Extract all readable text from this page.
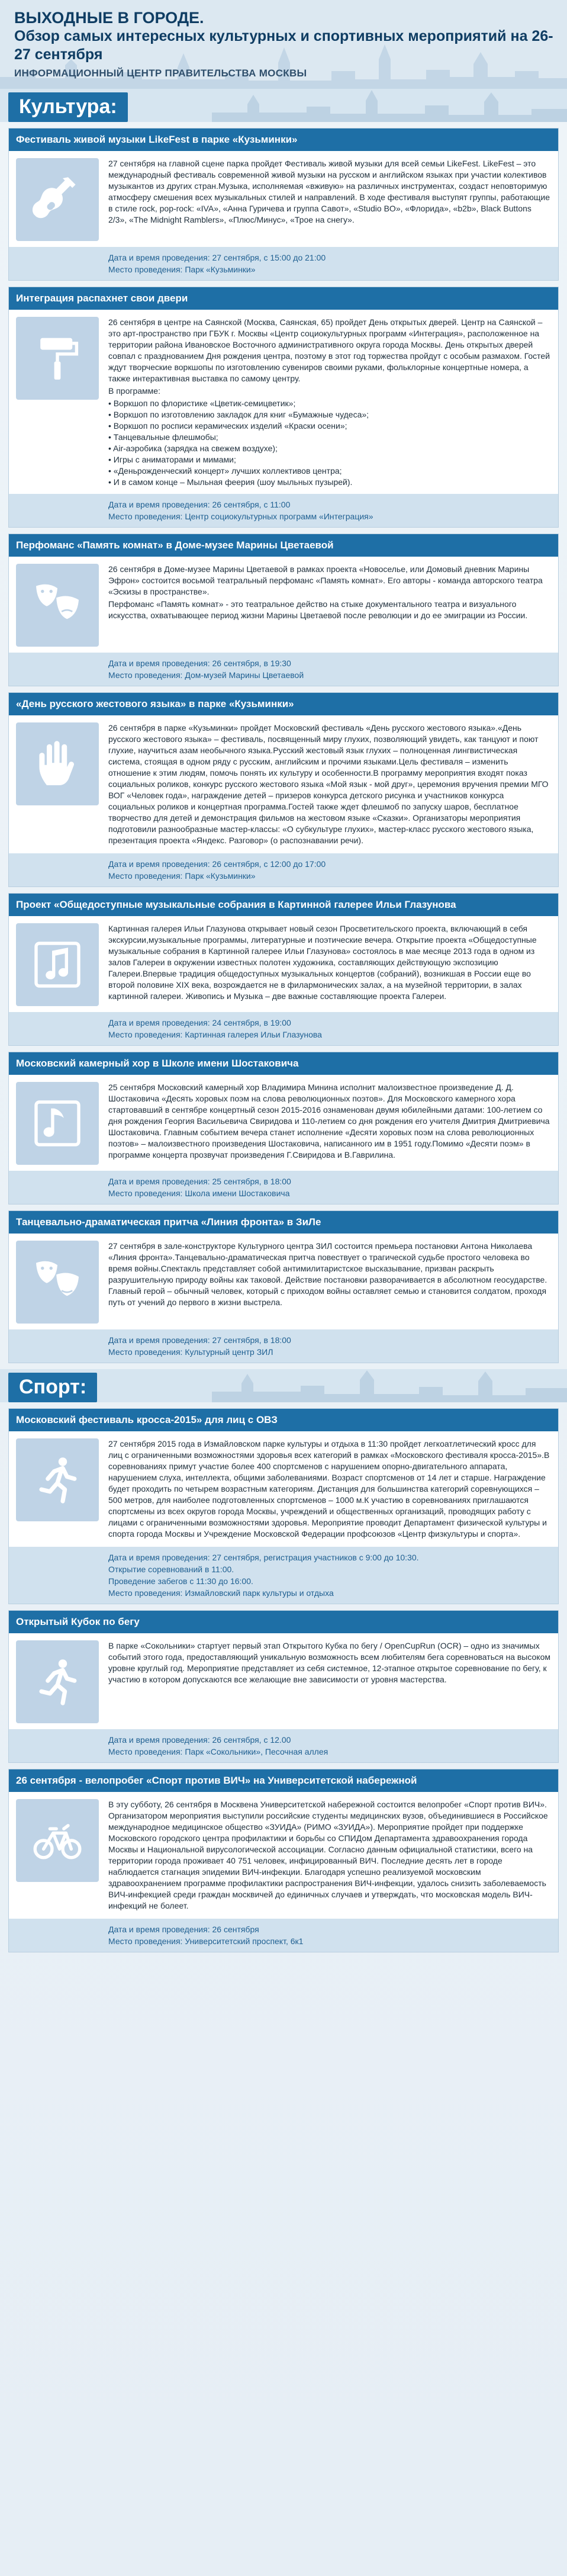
ВЫХОДНЫЕ В ГОРОДЕ.
Обзор самых интересных культурных и спортивных мероприятий на 26-27 сентября
ИНФОРМАЦИОННЫЙ ЦЕНТР ПРАВИТЕЛЬСТВА МОСКВЫ
Культура:
Фестиваль живой музыки LikeFest в парке «Кузьминки»

27 сентября на главной сцене парка пройдет Фестиваль живой музыки для всей семьи LikeFest. LikeFest – это международный фестиваль современной живой музыки на русском и английском языках при участии колективов музыкантов из других стран.Музыка, исполняемая «вживую» на различных инструментах, создаст неповторимую атмосферу смешения всех музыкальных стилей и направлений. В ходе фестиваля выступят группы, работающие в стиле rock, pop-rock: «IVA», «Анна Гуричева и группа Савот», «Studio BO», «Флорида», «b2b», Black Buttons 2/3», «The Midnight Ramblers», «Плюс/Минус», «Трое на снегу».

Дата и время проведения: 27 сентября, с 15:00 до 21:00
Место проведения: Парк «Кузьминки»
Интеграция распахнет свои двери

26 сентября в центре на Саянской (Москва, Саянская, 65) пройдет День открытых дверей. Центр на Саянской – это арт-пространство при ГБУК г. Москвы «Центр социокультурных программ «Интеграция», расположенное на территории района Ивановское Восточного административного округа города Москвы. День открытых дверей совпал с празднованием Дня рождения центра, поэтому в этот год торжества пройдут с особым размахом. Гостей ждут творческие воркшопы по изготовлению сувениров своими руками, фольклорные концертные номера, а также интерактивная выставка по самому центру.

В программе:

• Воркшоп по флористике «Цветик-семицветик»;
• Воркшоп по изготовлению закладок для книг «Бумажные чудеса»;
• Воркшоп по росписи керамических изделий «Краски осени»;
• Танцевальные флешмобы;
• Air-аэробика (зарядка на свежем воздухе);
• Игры с аниматорами и мимами;
• «Деньрожденческий концерт» лучших коллективов центра;
• И в самом конце – Мыльная феерия (шоу мыльных пузырей).
Дата и время проведения: 26 сентября, с 11:00
Место проведения: Центр социокультурных программ «Интеграция»
Перфоманс «Память комнат» в Доме-музее Марины Цветаевой

26 сентября в Доме-музее Марины Цветаевой в рамках проекта «Новоселье, или Домовый дневник Марины Эфрон» состоится восьмой театральный перфоманс «Память комнат». Его авторы - команда авторского театра «Эскизы в пространстве».

Перфоманс «Память комнат» - это театральное действо на стыке документального театра и визуального искусства, охватывающее период жизни Марины Цветаевой после революции и до ее эмиграции из России.

Дата и время проведения: 26 сентября, в 19:30
Место проведения: Дом-музей Марины Цветаевой
«День русского жестового языка» в парке «Кузьминки»

26 сентября в парке «Кузьминки» пройдет Московский фестиваль «День русского жестового языка».«День русского жестового языка» – фестиваль, посвященный миру глухих, позволяющий увидеть, как танцуют и поют глухие, научиться азам необычного языка.Русский жестовый язык глухих – полноценная лингвистическая система, стоящая в одном ряду с русским, английским и прочими языками.Цель фестиваля – изменить отношение к этим людям, помочь понять их культуру и особенности.В программу мероприятия входят показ социальных роликов, конкурс русского жестового языка «Мой язык - мой друг», церемония вручения премии МГО ВОГ «Человек года», награждение детей – призеров конкурса детского рисунка и участников конкурса социальных роликов и концертная программа.Гостей также ждет флешмоб по запуску шаров, бесплатное творчество для детей и демонстрация фильмов на жестовом языке «Сказки». Организаторы мероприятия подготовили разнообразные мастер-классы: «О субкультуре глухих», мастер-класс русского жестового языка, презентация проекта «Яндекс. Разговор» (о распознавании речи).

Дата и время проведения: 26 сентября, с 12:00 до 17:00
Место проведения: Парк «Кузьминки»
Проект «Общедоступные музыкальные собрания в Картинной галерее Ильи Глазунова

Картинная галерея Ильи Глазунова открывает новый сезон Просветительского проекта, включающий в себя экскурсии,музыкальные программы, литературные и поэтические вечера. Открытие проекта «Общедоступные музыкальные собрания в Картинной галерее Ильи Глазунова» состоялось в мае месяце 2013 года в одном из залов Галереи в окружении известных полотен художника, составляющих действующую экспозицию Галереи.Впервые традиция общедоступных музыкальных концертов (собраний), возникшая в России еще во второй половине XIX века, возрождается не в филармонических залах, а на музейной территории, в залах картинной галереи. Живопись и Музыка – две важные составляющие проекта Галереи.

Дата и время проведения: 24 сентября, в 19:00
Место проведения: Картинная галерея Ильи Глазунова
Московский камерный хор в Школе имени Шостаковича

25 сентября Московский камерный хор Владимира Минина исполнит малоизвестное произведение Д. Д. Шостаковича «Десять хоровых поэм на слова революционных поэтов». Для Московского камерного хора стартовавший в сентябре концертный сезон 2015-2016 ознаменован двумя юбилейными датами: 100-летием со дня рождения Георгия Васильевича Свиридова и 110-летием со дня рождения его учителя Дмитрия Дмитриевича Шостаковича. Главным событием вечера станет исполнение «Десяти хоровых поэм на слова революционных поэтов» – малоизвестного произведения Шостаковича, написанного им в 1951 году.Помимо «Десяти поэм» в программе концерта прозвучат произведения Г.Свиридова и В.Гаврилина.

Дата и время проведения: 25 сентября, в 18:00
Место проведения: Школа имени Шостаковича
Танцевально-драматическая притча «Линия фронта» в ЗиЛе

27 сентября в зале-конструкторе Культурного центра ЗИЛ состоится премьера постановки Антона Николаева «Линия фронта».Танцевально-драматическая притча повествует о трагической судьбе простого человека во время войны.Спектакль представляет собой антимилитаристское высказывание, призван раскрыть разрушительную природу войны как таковой. Действие постановки разворачивается в абсолютном геосударстве. Главный герой – обычный человек, который с приходом войны оставляет семью и становится солдатом, проходя путь от учений до первого в жизни выстрела.

Дата и время проведения: 27 сентября, в 18:00
Место проведения: Культурный центр ЗИЛ
Спорт:
Московский фестиваль кросса-2015» для лиц с ОВЗ

27 сентября 2015 года в Измайловском парке культуры и отдыха в 11:30 пройдет легкоатлетический кросс для лиц с ограниченными возможностями здоровья всех категорий в рамках «Московского фестиваля кросса-2015».В соревнованиях примут участие более 400 спортсменов с нарушением опорно-двигательного аппарата, нарушением слуха, интеллекта, общими заболеваниями. Возраст спортсменов от 14 лет и старше. Награждение будет проходить по четырем возрастным категориям. Дистанция для большинства категорий соревнующихся – 500 метров, для наиболее подготовленных спортсменов – 1000 м.К участию в соревнованиях приглашаются спортсмены из всех округов города Москвы, учреждений и общественных организаций, проводящих работу с лицами с ограниченными возможностями здоровья. Мероприятие проводит Департамент физической культуры и спорта города Москвы и Учреждение Московской Федерации профсоюзов «Центр физкультуры и спорта».

Дата и время проведения: 27 сентября, регистрация участников с 9:00 до 10:30.
Открытие соревнований в 11:00.
Проведение забегов с 11:30 до 16:00.
Место проведения: Измайловский парк культуры и отдыха
Открытый Кубок по бегу

В парке «Сокольники» стартует первый этап Открытого Кубка по бегу / OpenCupRun (OCR) – одно из значимых событий этого года, предоставляющий уникальную возможность всем любителям бега соревноваться на высоком уровне круглый год. Мероприятие представляет из себя системное, 12-этапное открытое соревнование по бегу, к участию в котором допускаются все желающие вне зависимости от уровня мастерства.

Дата и время проведения: 26 сентября, с 12.00
Место проведения: Парк «Сокольники», Песочная аллея
26 сентября - велопробег «Спорт против ВИЧ» на Университетской набережной

В эту субботу, 26 сентября в Москвена Университетской набережной состоится велопробег «Спорт против ВИЧ». Организатором мероприятия выступили российские студенты медицинских вузов, объединившиеся в Российское международное медицинское общество «ЗУИДА» (РИМО «ЗУИДА»). Мероприятие пройдет при поддержке Московского городского центра профилактики и борьбы со СПИДом Департамента здравоохранения города Москвы и Национальной вирусологической ассоциации. Согласно данным официальной статистики, всего на территории города проживает 40 751 человек, инфицированный ВИЧ. Последние десять лет в городе наблюдается стагнация эпидемии ВИЧ-инфекции. Благодаря успешно реализуемой московским здравоохранением программе профилактики распространения ВИЧ-инфекции, удалось снизить заболеваемость ВИЧ-инфекцией среди граждан москвичей до единичных случаев и утверждать, что московская модель ВИЧ-инфекций не болеет.

Дата и время проведения: 26 сентября
Место проведения: Университетский проспект, 6к1
